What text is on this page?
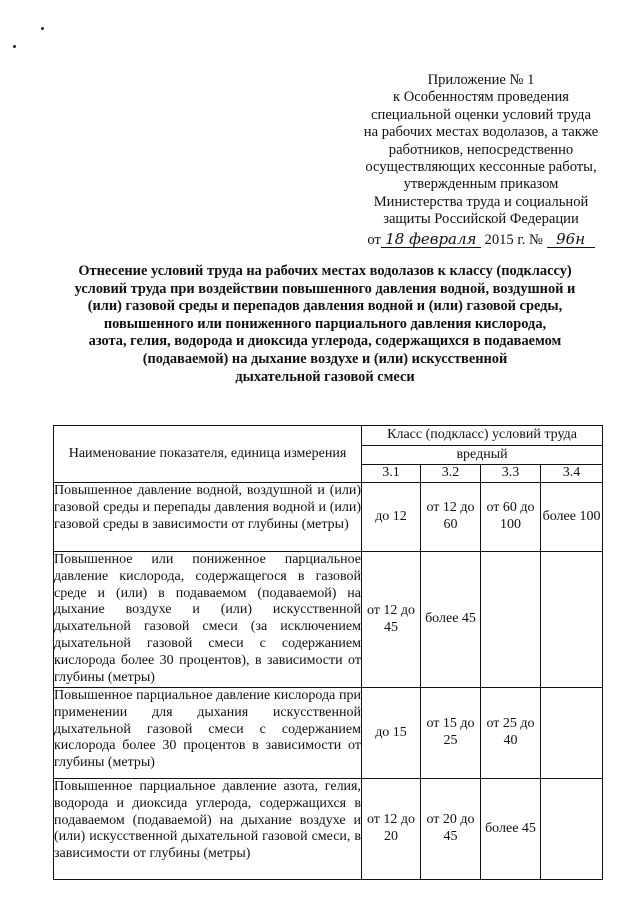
Приложение № 1
к Особенностям проведения
специальной оценки условий труда
на рабочих местах водолазов, а также
работников, непосредственно
осуществляющих кессонные работы,
утвержденным приказом
Министерства труда и социальной
защиты Российской Федерации
от 18 февраля 2015 г. № 96н
Отнесение условий труда на рабочих местах водолазов к классу (подклассу)
условий труда при воздействии повышенного давления водной, воздушной и
(или) газовой среды и перепадов давления водной и (или) газовой среды,
повышенного или пониженного парциального давления кислорода,
азота, гелия, водорода и диоксида углерода, содержащихся в подаваемом
(подаваемой) на дыхание воздухе и (или) искусственной
дыхательной газовой смеси
Наименование показателя, единица измерения	Класс (подкласс) условий труда			
	вредный			
	3.1	3.2	3.3	3.4
Повышенное давление водной, воздушной и (или) газовой среды и перепады давления водной и (или) газовой среды в зависимости от глубины (метры)	до 12	от 12 до 60	от 60 до 100	более 100
Повышенное или пониженное парциальное давление кислорода, содержащегося в газовой среде и (или) в подаваемом (подаваемой) на дыхание воздухе и (или) искусственной дыхательной газовой смеси (за исключением дыхательной газовой смеси с содержанием кислорода более 30 процентов), в зависимости от глубины (метры)	от 12 до 45	более 45		
Повышенное парциальное давление кислорода при применении для дыхания искусственной дыхательной газовой смеси с содержанием кислорода более 30 процентов в зависимости от глубины (метры)	до 15	от 15 до 25	от 25 до 40	
Повышенное парциальное давление азота, гелия, водорода и диоксида углерода, содержащихся в подаваемом (подаваемой) на дыхание воздухе и (или) искусственной дыхательной газовой смеси, в зависимости от глубины (метры)	от 12 до 20	от 20 до 45	более 45	
